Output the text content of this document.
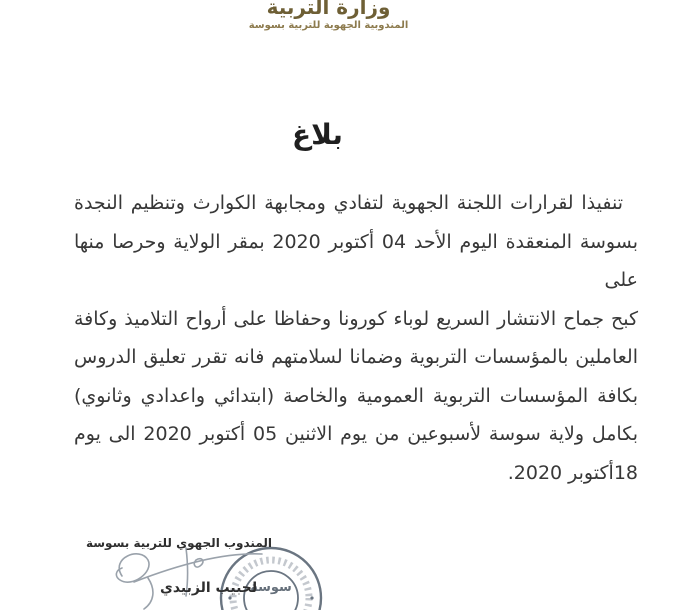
وزارة التربية
المندوبية الجهوية للتربية بسوسة
بلاغ
تنفيذا لقرارات اللجنة الجهوية لتفادي ومجابهة الكوارث وتنظيم النجدة
بسوسة المنعقدة اليوم الأحد 04 أكتوبر 2020 بمقر الولاية وحرصا منها على
كبح جماح الانتشار السريع لوباء كورونا وحفاظا على أرواح التلاميذ وكافة
العاملين بالمؤسسات التربوية وضمانا لسلامتهم فانه تقرر تعليق الدروس
بكافة المؤسسات التربوية العمومية والخاصة (ابتدائي واعدادي وثانوي)
بكامل ولاية سوسة لأسبوعين من يوم الاثنين 05 أكتوبر 2020 الى يوم
18أكتوبر 2020.
المندوب الجهوي للتربية بسوسة
سوسة
لحبيب الزبيدي
